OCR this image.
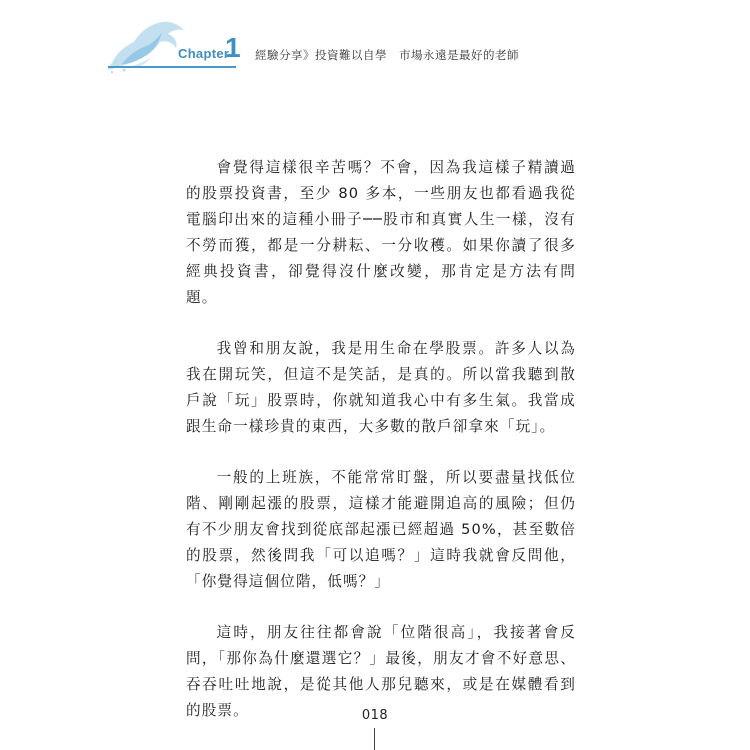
Chapter
1 經驗分享》投資難以自學　市場永遠是最好的老師

會覺得這樣很辛苦嗎？不會，因為我這樣子精讀過的股票投資書，至少 80 多本，一些朋友也都看過我從電腦印出來的這種小冊子──股市和真實人生一樣，沒有不勞而獲，都是一分耕耘、一分收穫。如果你讀了很多經典投資書，卻覺得沒什麼改變，那肯定是方法有問題。

我曾和朋友說，我是用生命在學股票。許多人以為我在開玩笑，但這不是笑話，是真的。所以當我聽到散戶說「玩」股票時，你就知道我心中有多生氣。我當成跟生命一樣珍貴的東西，大多數的散戶卻拿來「玩」。

一般的上班族，不能常常盯盤，所以要盡量找低位階、剛剛起漲的股票，這樣才能避開追高的風險；但仍有不少朋友會找到從底部起漲已經超過 50%，甚至數倍的股票，然後問我「可以追嗎？」這時我就會反問他，「你覺得這個位階，低嗎？」

這時，朋友往往都會說「位階很高」，我接著會反問，「那你為什麼還選它？」最後，朋友才會不好意思、吞吞吐吐地說，是從其他人那兒聽來，或是在媒體看到的股票。	018
